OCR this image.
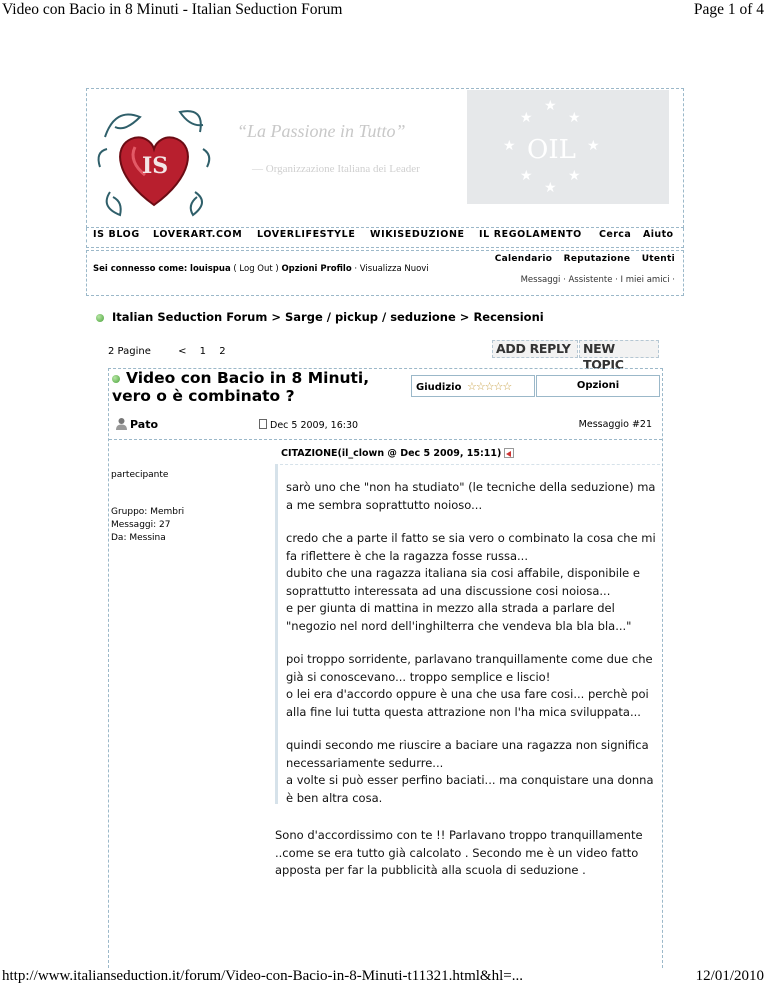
Video con Bacio in 8 Minuti - Italian Seduction Forum	Page 1 of 4
IS
“La Passione in Tutto”
— Organizzazione Italiana dei Leader
★
★
★
★	★
★
★
★
OIL
IS BLOG LOVERART.COM LOVERLIFESTYLE WIKISEDUZIONE IL REGOLAMENTO Cerca Aiuto
Calendario Reputazione Utenti
Sei connesso come: louispua ( Log Out ) Opzioni Profilo · Visualizza Nuovi
Messaggi · Assistente · I miei amici ·
Italian Seduction Forum > Sarge / pickup / seduzione > Recensioni
2 Pagine	< 1 2	ADD REPLY	NEW TOPIC
Video con Bacio in 8 Minuti,
vero o è combinato ?	Giudizio ☆☆☆☆☆	Opzioni
Pato	Dec 5 2009, 16:30	Messaggio #21
CITAZIONE(il_clown @ Dec 5 2009, 15:11)
partecipante
Gruppo: Membri
Messaggi: 27
Da: Messina

sarò uno che "non ha studiato" (le tecniche della seduzione) ma a me sembra soprattutto noioso...

credo che a parte il fatto se sia vero o combinato la cosa che mi fa riflettere è che la ragazza fosse russa...
dubito che una ragazza italiana sia cosi affabile, disponibile e soprattutto interessata ad una discussione cosi noiosa...
e per giunta di mattina in mezzo alla strada a parlare del "negozio nel nord dell'inghilterra che vendeva bla bla bla..."

poi troppo sorridente, parlavano tranquillamente come due che già si conoscevano... troppo semplice e liscio!
o lei era d'accordo oppure è una che usa fare cosi... perchè poi alla fine lui tutta questa attrazione non l'ha mica sviluppata...

quindi secondo me riuscire a baciare una ragazza non significa necessariamente sedurre...
a volte si può esser perfino baciati... ma conquistare una donna è ben altra cosa.

Sono d'accordissimo con te !! Parlavano troppo tranquillamente ..come se era tutto già calcolato . Secondo me è un video fatto apposta per far la pubblicità alla scuola di seduzione .

http://www.italianseduction.it/forum/Video-con-Bacio-in-8-Minuti-t11321.html&hl=...	12/01/2010
